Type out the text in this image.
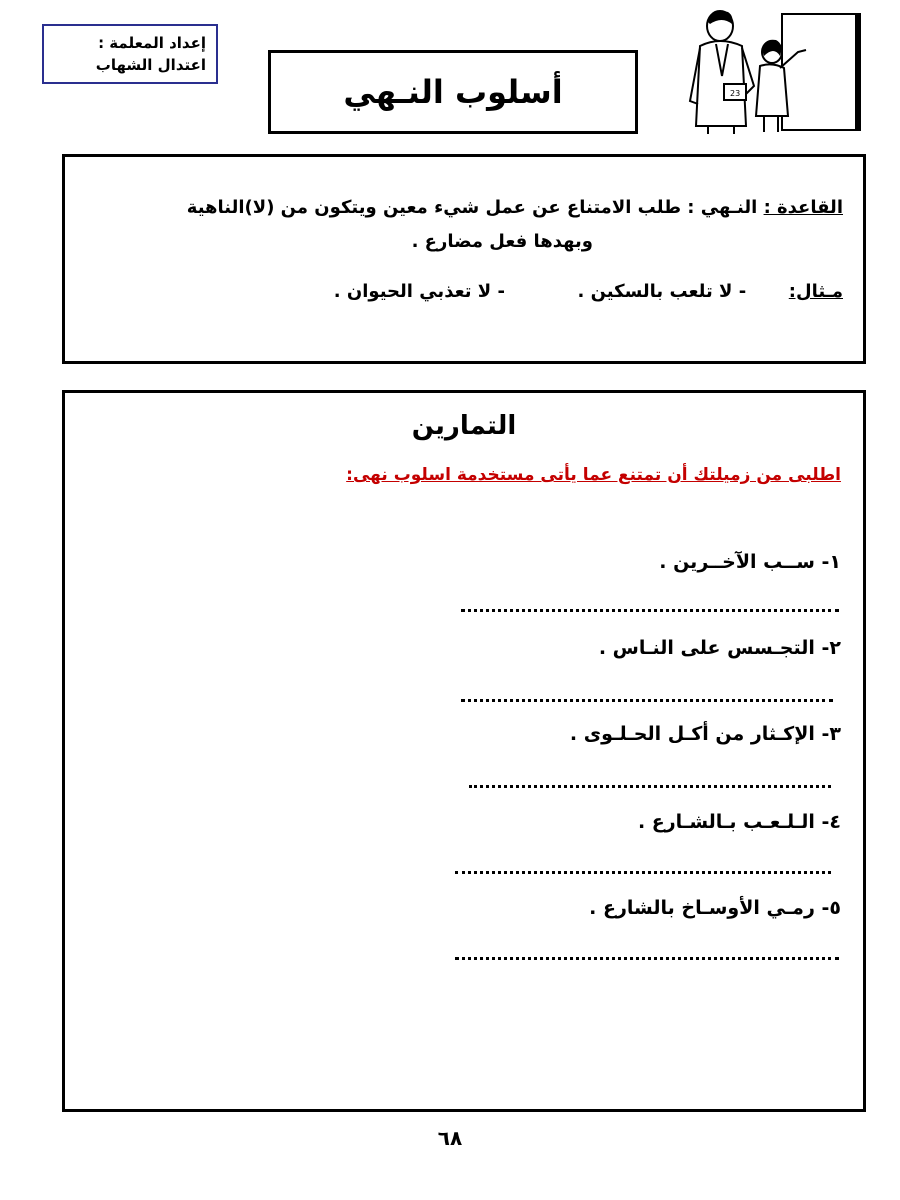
إعداد المعلمة :
اعتدال الشهاب
أسلوب النـهي	23
القاعدة : النـهي : طلب الامتناع عن عمل شيء معين ويتكون من (لا)الناهية
وبهدها فعل مضارع .
مـثال:  - لا تلعب بالسكين .  - لا تعذبي الحيوان .
التمارين
اطلبى من زميلتك أن تمتنع عما يأتى مستخدمة اسلوب نهى:
١- ســب الآخــرين .
٢- التجـسس على النـاس .
٣- الإكـثار من أكـل الحـلـوى .
٤- الـلـعـب بـالشـارع .
٥- رمـي الأوسـاخ بالشارع .
٦٨
